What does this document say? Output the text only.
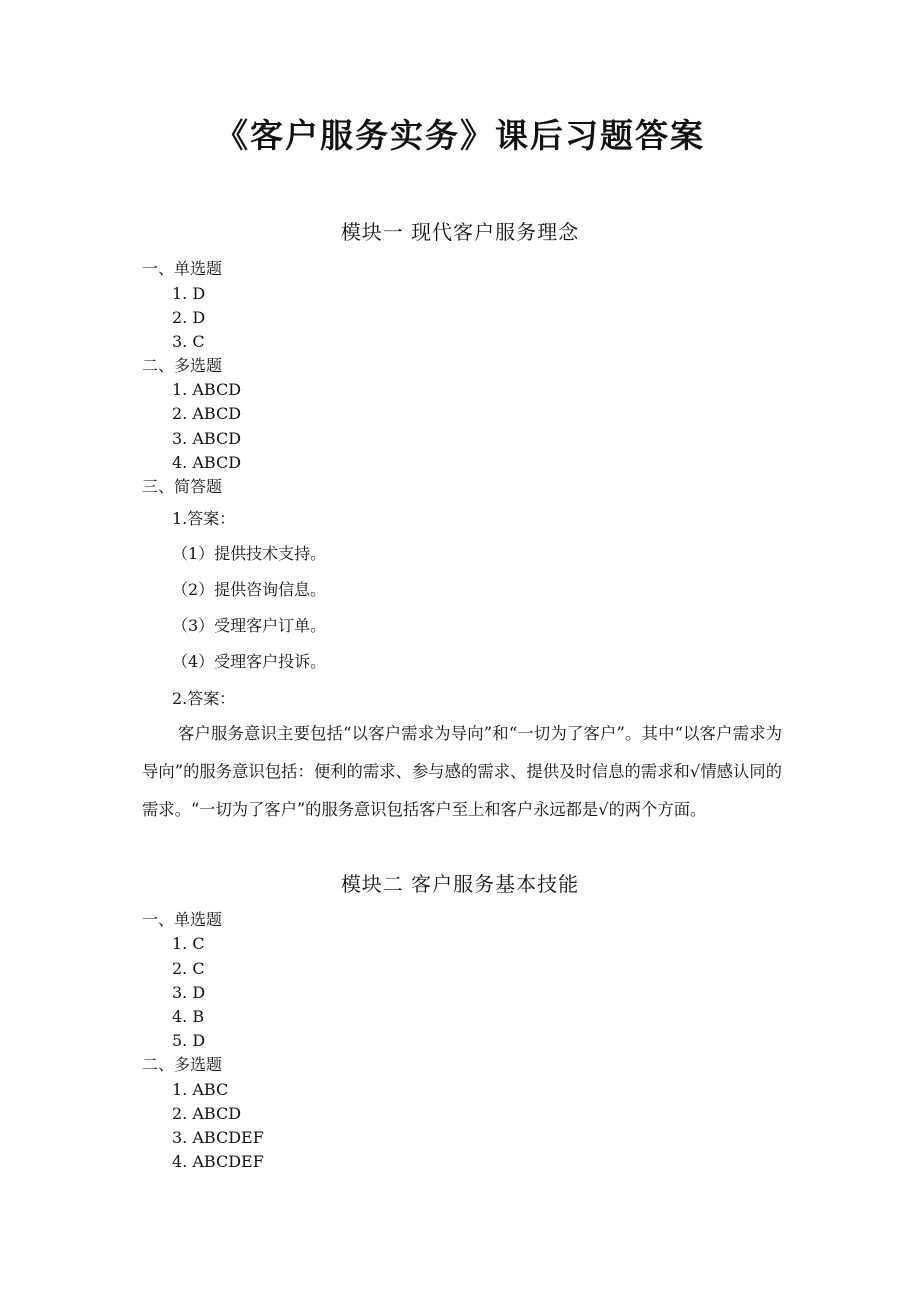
《客户服务实务》课后习题答案
模块一 现代客户服务理念
一、单选题
1. D
2. D
3. C
二、多选题
1. ABCD
2. ABCD
3. ABCD
4. ABCD
三、简答题
1.答案：
（1）提供技术支持。
（2）提供咨询信息。
（3）受理客户订单。
（4）受理客户投诉。
2.答案：
客户服务意识主要包括“以客户需求为导向”和“一切为了客户”。其中“以客户需求为导向”的服务意识包括：便利的需求、参与感的需求、提供及时信息的需求和√情感认同的需求。“一切为了客户”的服务意识包括客户至上和客户永远都是√的两个方面。
模块二 客户服务基本技能
一、单选题
1. C
2. C
3. D
4. B
5. D
二、多选题
1. ABC
2. ABCD
3. ABCDEF
4. ABCDEF
